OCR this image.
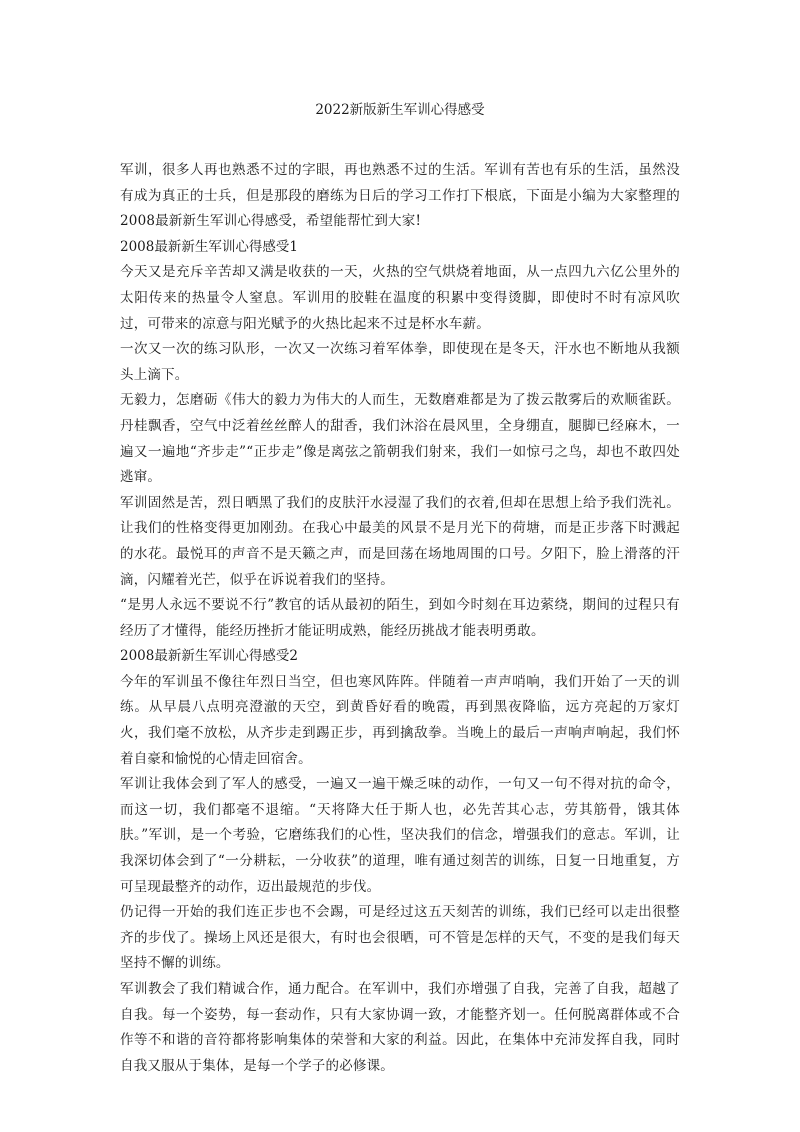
2022新版新生军训心得感受

军训，很多人再也熟悉不过的字眼，再也熟悉不过的生活。军训有苦也有乐的生活，虽然没有成为真正的士兵，但是那段的磨练为日后的学习工作打下根底，下面是小编为大家整理的2008最新新生军训心得感受，希望能帮忙到大家!

2008最新新生军训心得感受1

今天又是充斥辛苦却又满是收获的一天，火热的空气烘烧着地面，从一点四九六亿公里外的太阳传来的热量令人窒息。军训用的胶鞋在温度的积累中变得烫脚，即使时不时有凉风吹过，可带来的凉意与阳光赋予的火热比起来不过是杯水车薪。

一次又一次的练习队形，一次又一次练习着军体拳，即使现在是冬天，汗水也不断地从我额头上滴下。

无毅力，怎磨砺《伟大的毅力为伟大的人而生，无数磨难都是为了拨云散雾后的欢顺雀跃。丹桂飘香，空气中泛着丝丝醉人的甜香，我们沐浴在晨风里，全身绷直，腿脚已经麻木，一遍又一遍地“齐步走”“正步走”像是离弦之箭朝我们射来，我们一如惊弓之鸟，却也不敢四处逃窜。

军训固然是苦，烈日晒黑了我们的皮肤汗水浸湿了我们的衣着,但却在思想上给予我们洗礼。让我们的性格变得更加刚劲。在我心中最美的风景不是月光下的荷塘，而是正步落下时溅起的水花。最悦耳的声音不是天籁之声，而是回荡在场地周围的口号。夕阳下，脸上滑落的汗滴，闪耀着光芒，似乎在诉说着我们的坚持。

“是男人永远不要说不行”教官的话从最初的陌生，到如今时刻在耳边萦绕，期间的过程只有经历了才懂得，能经历挫折才能证明成熟，能经历挑战才能表明勇敢。

2008最新新生军训心得感受2

今年的军训虽不像往年烈日当空，但也寒风阵阵。伴随着一声声哨响，我们开始了一天的训练。从早晨八点明亮澄澈的天空，到黄昏好看的晚霞，再到黑夜降临，远方亮起的万家灯火，我们毫不放松，从齐步走到踢正步，再到擒敌拳。当晚上的最后一声响声响起，我们怀着自豪和愉悦的心情走回宿舍。

军训让我体会到了军人的感受，一遍又一遍干燥乏味的动作，一句又一句不得对抗的命令，而这一切，我们都毫不退缩。“天将降大任于斯人也，必先苦其心志，劳其筋骨，饿其体肤。”军训，是一个考验，它磨练我们的心性，坚决我们的信念，增强我们的意志。军训，让我深切体会到了“一分耕耘，一分收获”的道理，唯有通过刻苦的训练，日复一日地重复，方可呈现最整齐的动作，迈出最规范的步伐。

仍记得一开始的我们连正步也不会踢，可是经过这五天刻苦的训练，我们已经可以走出很整齐的步伐了。操场上风还是很大，有时也会很晒，可不管是怎样的天气，不变的是我们每天坚持不懈的训练。

军训教会了我们精诚合作，通力配合。在军训中，我们亦增强了自我，完善了自我，超越了自我。每一个姿势，每一套动作，只有大家协调一致，才能整齐划一。任何脱离群体或不合作等不和谐的音符都将影响集体的荣誉和大家的利益。因此，在集体中充沛发挥自我，同时自我又服从于集体，是每一个学子的必修课。
